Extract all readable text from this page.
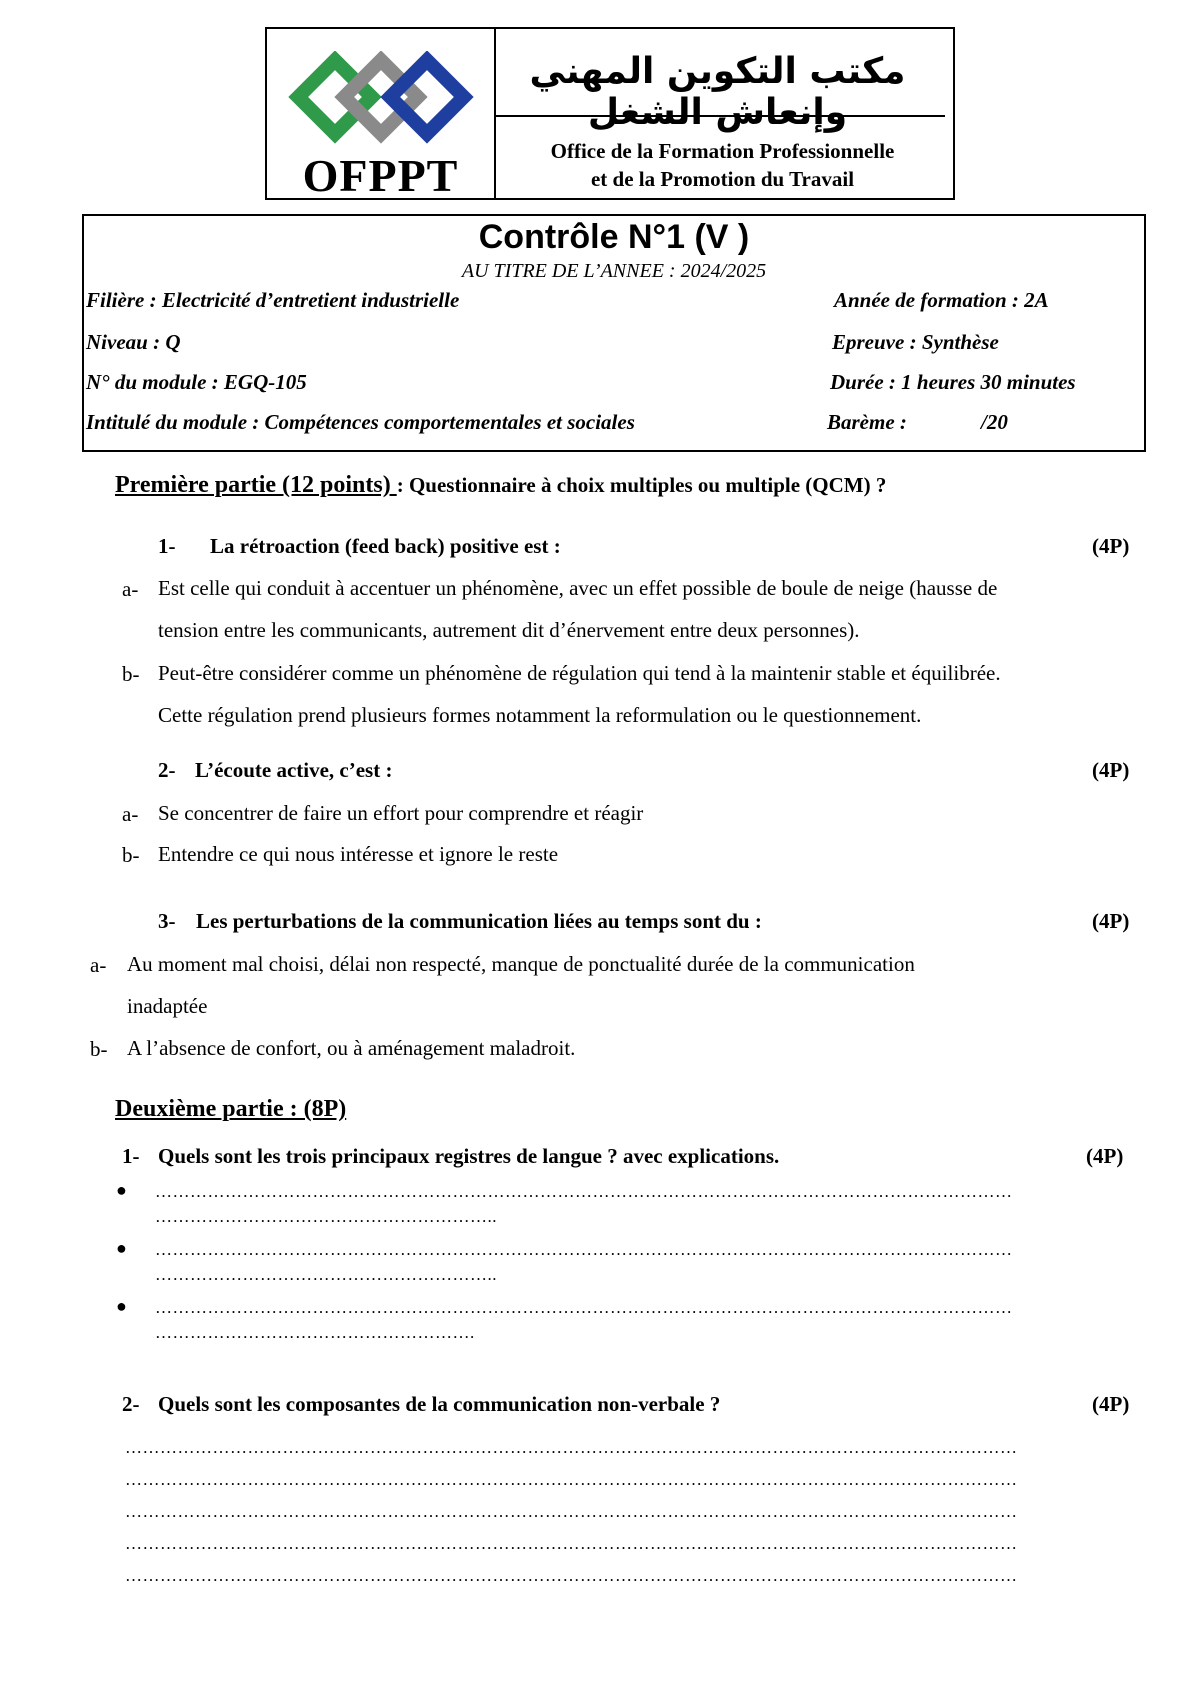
OFPPT
مكتب التكوين المهني وإنعاش الشغل
Office de la Formation Professionnelle
et de la Promotion du Travail
Contrôle N°1 (V )
AU TITRE DE L’ANNEE : 2024/2025
Filière : Electricité d’entretient industrielle	Année de formation : 2A
Niveau : Q	Epreuve : Synthèse
N° du module : EGQ-105	Durée : 1 heures 30 minutes
Intitulé du module : Compétences comportementales et sociales	Barème :	/20
Première partie (12 points) : Questionnaire à choix multiples ou multiple (QCM) ?
1- La rétroaction (feed back) positive est :	(4P)
a- Est celle qui conduit à accentuer un phénomène, avec un effet possible de boule de neige (hausse de
tension entre les communicants, autrement dit d’énervement entre deux personnes).
b- Peut-être considérer comme un phénomène de régulation qui tend à la maintenir stable et équilibrée.
Cette régulation prend plusieurs formes notamment la reformulation ou le questionnement.
2- L’écoute active, c’est :	(4P)
a- Se concentrer de faire un effort pour comprendre et réagir
b- Entendre ce qui nous intéresse et ignore le reste
3- Les perturbations de la communication liées au temps sont du :	(4P)
a- Au moment mal choisi, délai non respecté, manque de ponctualité durée de la communication
inadaptée
b- A l’absence de confort, ou à aménagement maladroit.
Deuxième partie : (8P)
1- Quels sont les trois principaux registres de langue ? avec explications.	(4P)
● …………………………………………………………………………………………………………………………………
…………………………………………………..
● …………………………………………………………………………………………………………………………………
…………………………………………………..
● …………………………………………………………………………………………………………………………………
……………………………………………….
2- Quels sont les composantes de la communication non-verbale ?	(4P)
………………………………………………………………………………………………………………………………………
………………………………………………………………………………………………………………………………………
………………………………………………………………………………………………………………………………………
………………………………………………………………………………………………………………………………………
………………………………………………………………………………………………………………………………………
